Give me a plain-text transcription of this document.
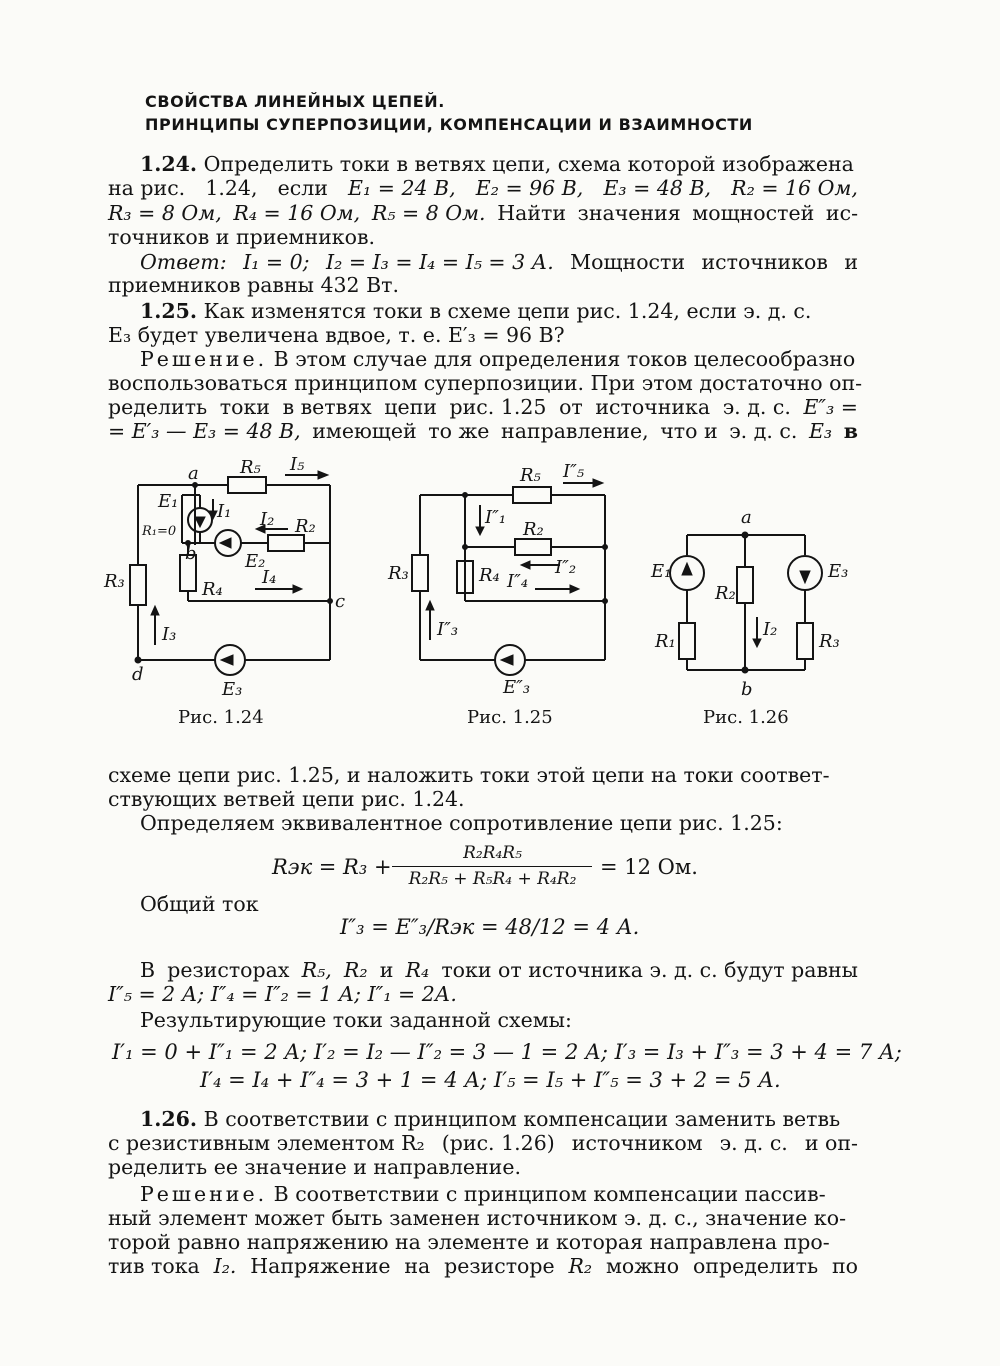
СВОЙСТВА ЛИНЕЙНЫХ ЦЕПЕЙ.
ПРИНЦИПЫ СУПЕРПОЗИЦИИ, КОМПЕНСАЦИИ И ВЗАИМНОСТИ
1.24. Определить токи в ветвях цепи, схема которой изображена
на рис. 1.24, если E₁ = 24 В, E₂ = 96 В, E₃ = 48 В, R₂ = 16 Ом,
R₃ = 8 Ом, R₄ = 16 Ом, R₅ = 8 Ом. Найти значения мощностей ис-
точников и приемников.
Ответ: I₁ = 0; I₂ = I₃ = I₄ = I₅ = 3 А. Мощности источников и
приемников равны 432 Вт.
1.25. Как изменятся токи в схеме цепи рис. 1.24, если э. д. с.
E₃ будет увеличена вдвое, т. е. E′₃ = 96 В?
Решение. В этом случае для определения токов целесообразно
воспользоваться принципом суперпозиции. При этом достаточно оп-
ределить токи в ветвях цепи рис. 1.25 от источника э. д. с. E″₃ =
= E′₃ — E₃ = 48 В, имеющей то же направление, что и э. д. с. E₃ в
a
b
c
d
R₅ I₅
E₁ I₁
R₁=0
I₂ R₂
E₂
R₃	R₄
I₄
I₃
E₃
Рис. 1.24
R₅ I″₅
I″₁
R₂
I″₂
R₃	R₄ I″₄
I″₃
E″₃
Рис. 1.25
a
b
E₁	E₃
R₂
I₂
R₁	R₃
Рис. 1.26
схеме цепи рис. 1.25, и наложить токи этой цепи на токи соответ-
ствующих ветвей цепи рис. 1.24.
Определяем эквивалентное сопротивление цепи рис. 1.25:
Rэк = R₃ +
R₂R₄R₅
R₂R₅ + R₅R₄ + R₄R₂	= 12 Ом.
Общий ток
I″₃ = E″₃/Rэк = 48/12 = 4 А.
В резисторах R₅, R₂ и R₄ токи от источника э. д. с. будут равны
I″₅ = 2 А; I″₄ = I″₂ = 1 А; I″₁ = 2А.
Результирующие токи заданной схемы:
I′₁ = 0 + I″₁ = 2 А; I′₂ = I₂ — I″₂ = 3 — 1 = 2 А; I′₃ = I₃ + I″₃ = 3 + 4 = 7 А;
I′₄ = I₄ + I″₄ = 3 + 1 = 4 А; I′₅ = I₅ + I″₅ = 3 + 2 = 5 А.
1.26. В соответствии с принципом компенсации заменить ветвь
с резистивным элементом R₂ (рис. 1.26) источником э. д. с. и оп-
ределить ее значение и направление.
Решение. В соответствии с принципом компенсации пассив-
ный элемент может быть заменен источником э. д. с., значение ко-
торой равно напряжению на элементе и которая направлена про-
тив тока I₂. Напряжение на резисторе R₂ можно определить по
